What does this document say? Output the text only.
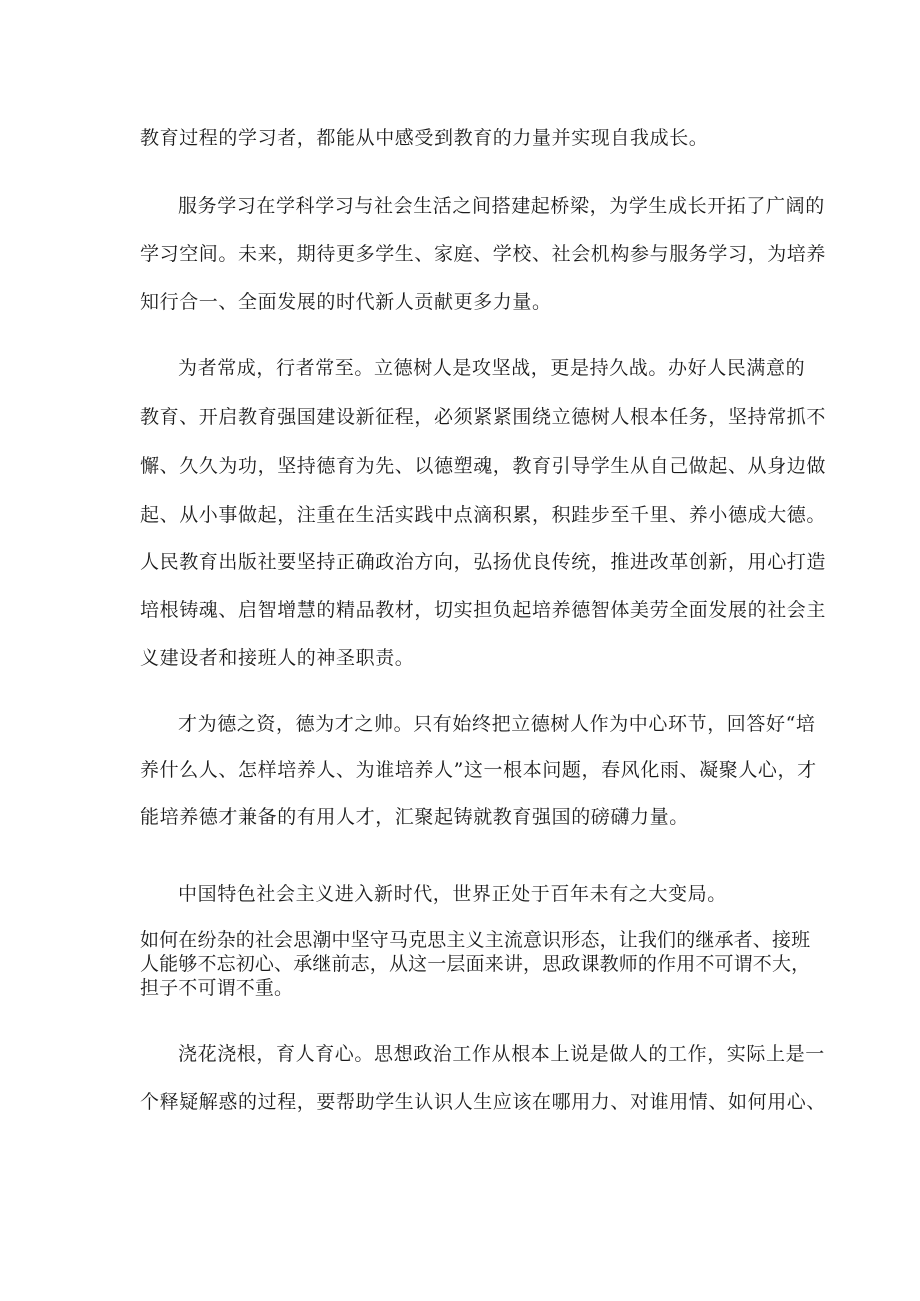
教育过程的学习者，都能从中感受到教育的力量并实现自我成长。

服务学习在学科学习与社会生活之间搭建起桥梁，为学生成长开拓了广阔的

学习空间。未来，期待更多学生、家庭、学校、社会机构参与服务学习，为培养

知行合一、全面发展的时代新人贡献更多力量。

为者常成，行者常至。立德树人是攻坚战，更是持久战。办好人民满意的

教育、开启教育强国建设新征程，必须紧紧围绕立德树人根本任务，坚持常抓不

懈、久久为功，坚持德育为先、以德塑魂，教育引导学生从自己做起、从身边做

起、从小事做起，注重在生活实践中点滴积累，积跬步至千里、养小德成大德。

人民教育出版社要坚持正确政治方向，弘扬优良传统，推进改革创新，用心打造

培根铸魂、启智增慧的精品教材，切实担负起培养德智体美劳全面发展的社会主

义建设者和接班人的神圣职责。

才为德之资，德为才之帅。只有始终把立德树人作为中心环节，回答好“培

养什么人、怎样培养人、为谁培养人”这一根本问题，春风化雨、凝聚人心，才

能培养德才兼备的有用人才，汇聚起铸就教育强国的磅礴力量。

中国特色社会主义进入新时代，世界正处于百年未有之大变局。

如何在纷杂的社会思潮中坚守马克思主义主流意识形态，让我们的继承者、接班

人能够不忘初心、承继前志，从这一层面来讲，思政课教师的作用不可谓不大，

担子不可谓不重。

浇花浇根，育人育心。思想政治工作从根本上说是做人的工作，实际上是一

个释疑解惑的过程，要帮助学生认识人生应该在哪用力、对谁用情、如何用心、
